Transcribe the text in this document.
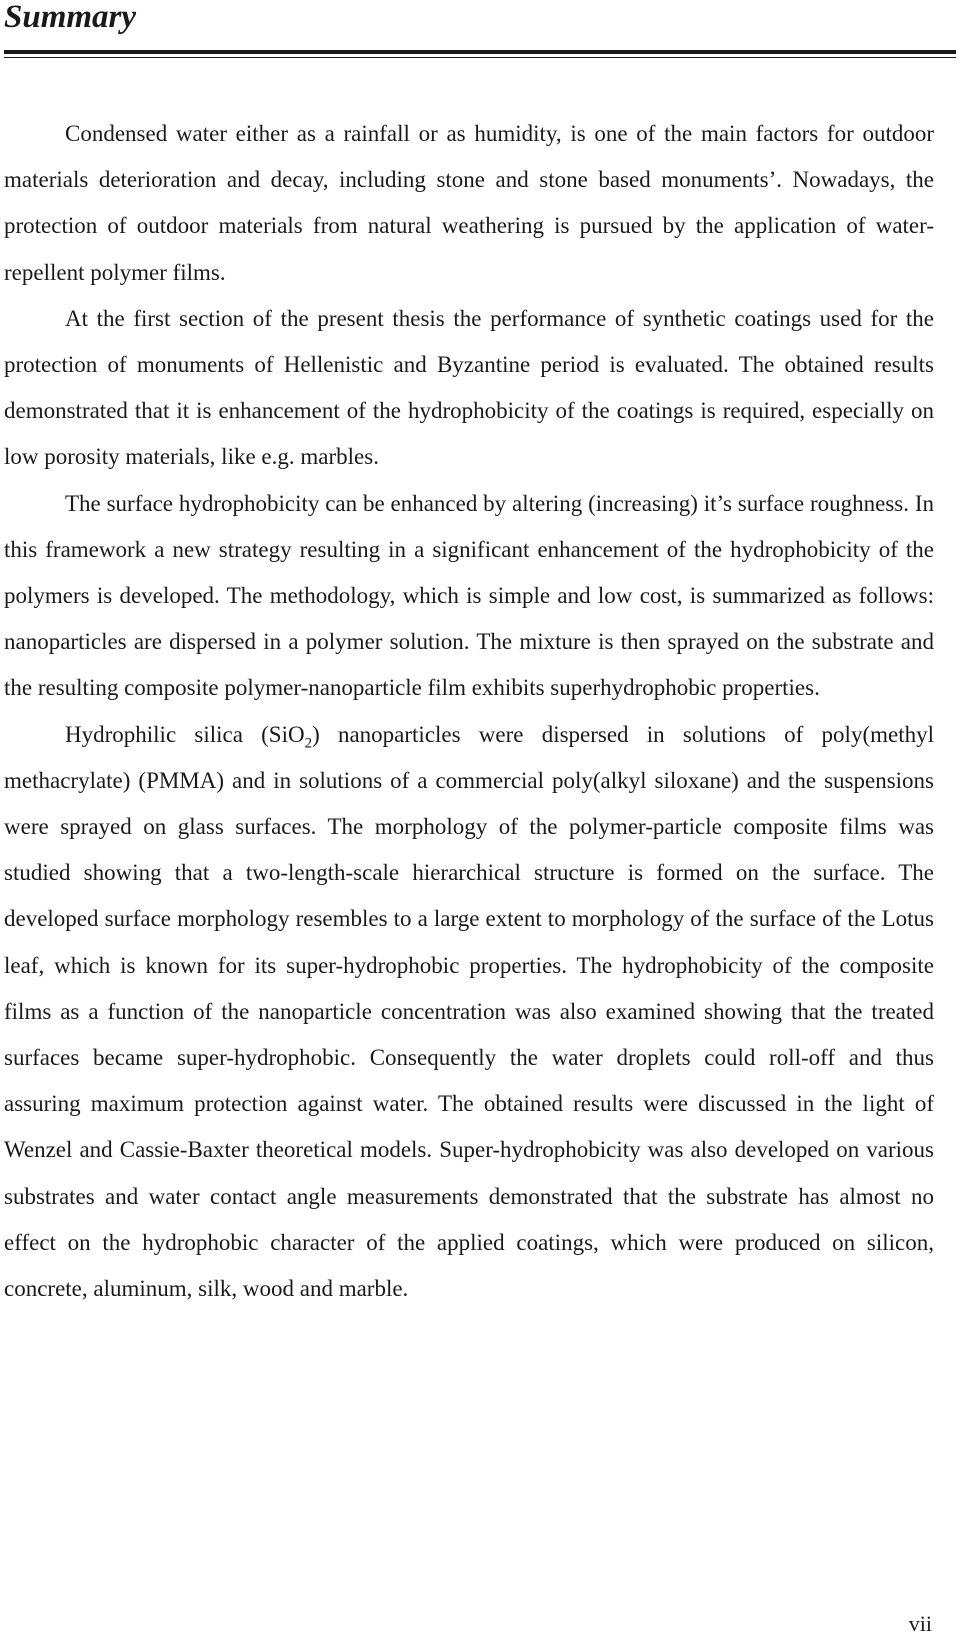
Summary

Condensed water either as a rainfall or as humidity, is one of the main factors for outdoor materials deterioration and decay, including stone and stone based monuments’. Nowadays, the protection of outdoor materials from natural weathering is pursued by the application of water-repellent polymer films.

At the first section of the present thesis the performance of synthetic coatings used for the protection of monuments of Hellenistic and Byzantine period is evaluated. The obtained results demonstrated that it is enhancement of the hydrophobicity of the coatings is required, especially on low porosity materials, like e.g. marbles.

The surface hydrophobicity can be enhanced by altering (increasing) it’s surface roughness. In this framework a new strategy resulting in a significant enhancement of the hydrophobicity of the polymers is developed. The methodology, which is simple and low cost, is summarized as follows: nanoparticles are dispersed in a polymer solution. The mixture is then sprayed on the substrate and the resulting composite polymer-nanoparticle film exhibits superhydrophobic properties.

Hydrophilic silica (SiO$_2$) nanoparticles were dispersed in solutions of poly(methyl methacrylate) (PMMA) and in solutions of a commercial poly(alkyl siloxane) and the suspensions were sprayed on glass surfaces. The morphology of the polymer-particle composite films was studied showing that a two-length-scale hierarchical structure is formed on the surface. The developed surface morphology resembles to a large extent to morphology of the surface of the Lotus leaf, which is known for its super-hydrophobic properties. The hydrophobicity of the composite films as a function of the nanoparticle concentration was also examined showing that the treated surfaces became super-hydrophobic. Consequently the water droplets could roll-off and thus assuring maximum protection against water. The obtained results were discussed in the light of Wenzel and Cassie-Baxter theoretical models. Super-hydrophobicity was also developed on various substrates and water contact angle measurements demonstrated that the substrate has almost no effect on the hydrophobic character of the applied coatings, which were produced on silicon, concrete, aluminum, silk, wood and marble.

vii
